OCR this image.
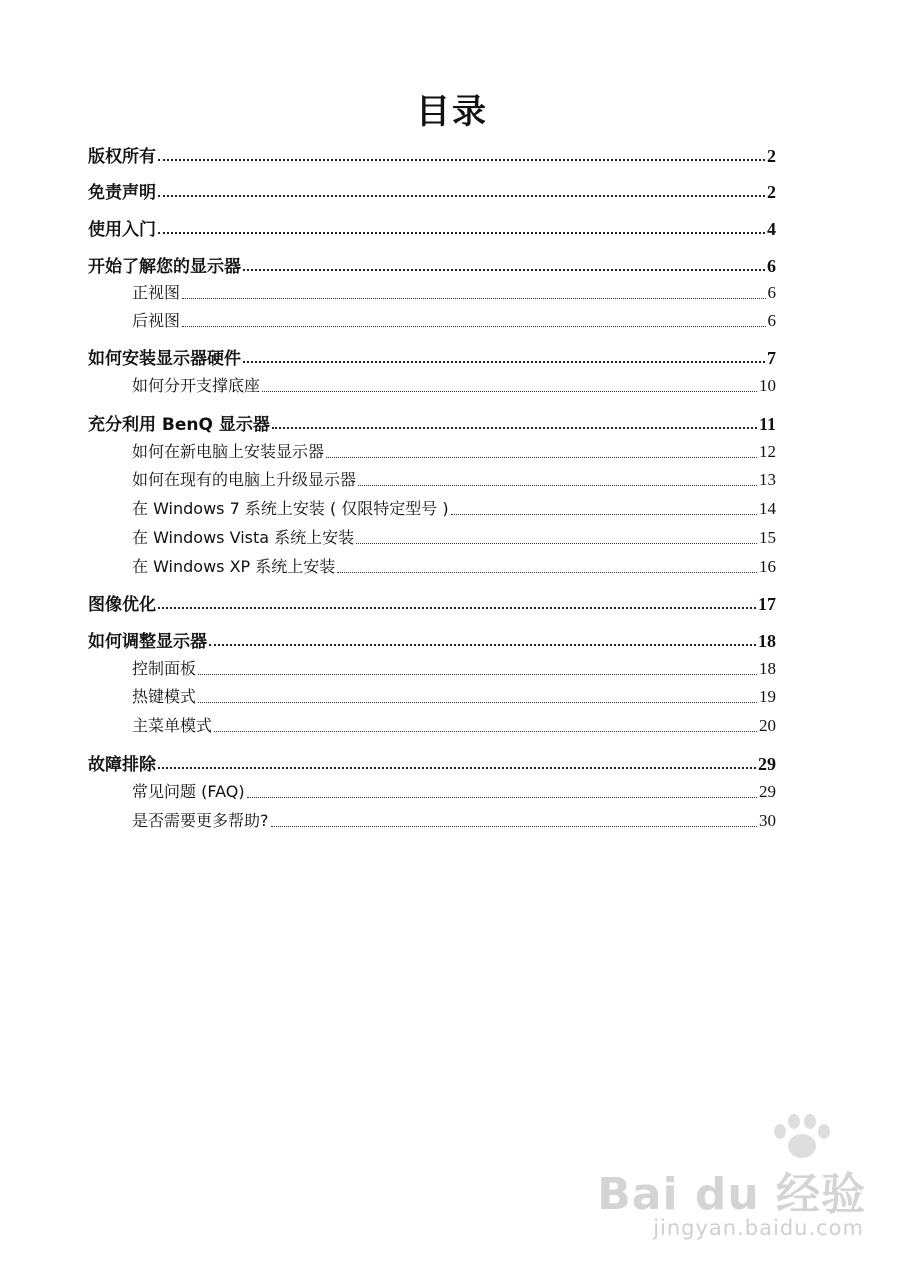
目录
版权所有	2
免责声明	2
使用入门	4
开始了解您的显示器	6
正视图	6
后视图	6
如何安装显示器硬件	7
如何分开支撑底座	10
充分利用 BenQ 显示器	11
如何在新电脑上安装显示器	12
如何在现有的电脑上升级显示器	13
在 Windows 7 系统上安装 ( 仅限特定型号 )	14
在 Windows Vista 系统上安装	15
在 Windows XP 系统上安装	16
图像优化	17
如何调整显示器	18
控制面板	18
热键模式	19
主菜单模式	20
故障排除	29
常见问题 (FAQ)	29
是否需要更多帮助?	30
Bai du 经验
jingyan.baidu.com
